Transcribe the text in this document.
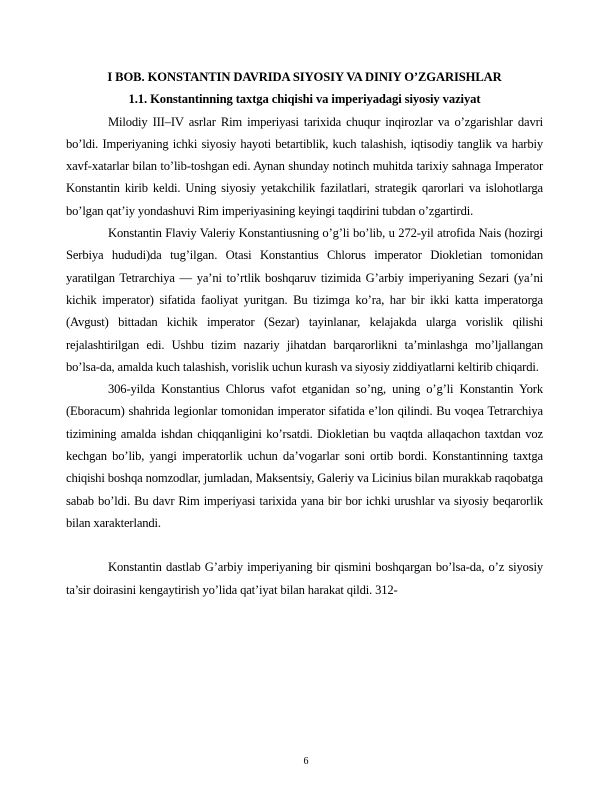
I BOB. KONSTANTIN DAVRIDA SIYOSIY VA DINIY O’ZGARISHLAR

1.1. Konstantinning taxtga chiqishi va imperiyadagi siyosiy vaziyat

Milodiy III–IV asrlar Rim imperiyasi tarixida chuqur inqirozlar va o’zgarishlar davri bo’ldi. Imperiyaning ichki siyosiy hayoti betartiblik, kuch talashish, iqtisodiy tanglik va harbiy xavf-xatarlar bilan to’lib-toshgan edi. Aynan shunday notinch muhitda tarixiy sahnaga Imperator Konstantin kirib keldi. Uning siyosiy yetakchilik fazilatlari, strategik qarorlari va islohotlarga bo’lgan qat’iy yondashuvi Rim imperiyasining keyingi taqdirini tubdan o’zgartirdi.

Konstantin Flaviy Valeriy Konstantiusning o’g’li bo’lib, u 272-yil atrofida Nais (hozirgi Serbiya hududi)da tug’ilgan. Otasi Konstantius Chlorus imperator Diokletian tomonidan yaratilgan Tetrarchiya — ya’ni to’rtlik boshqaruv tizimida G’arbiy imperiyaning Sezari (ya’ni kichik imperator) sifatida faoliyat yuritgan. Bu tizimga ko’ra, har bir ikki katta imperatorga (Avgust) bittadan kichik imperator (Sezar) tayinlanar, kelajakda ularga vorislik qilishi rejalashtirilgan edi. Ushbu tizim nazariy jihatdan barqarorlikni ta’minlashga mo’ljallangan bo’lsa-da, amalda kuch talashish, vorislik uchun kurash va siyosiy ziddiyatlarni keltirib chiqardi.

306-yilda Konstantius Chlorus vafot etganidan so’ng, uning o’g’li Konstantin York (Eboracum) shahrida legionlar tomonidan imperator sifatida e’lon qilindi. Bu voqea Tetrarchiya tizimining amalda ishdan chiqqanligini ko’rsatdi. Diokletian bu vaqtda allaqachon taxtdan voz kechgan bo’lib, yangi imperatorlik uchun da’vogarlar soni ortib bordi. Konstantinning taxtga chiqishi boshqa nomzodlar, jumladan, Maksentsiy, Galeriy va Licinius bilan murakkab raqobatga sabab bo’ldi. Bu davr Rim imperiyasi tarixida yana bir bor ichki urushlar va siyosiy beqarorlik bilan xarakterlandi.

Konstantin dastlab G’arbiy imperiyaning bir qismini boshqargan bo’lsa-da, o’z siyosiy ta’sir doirasini kengaytirish yo’lida qat’iyat bilan harakat qildi. 312-

6
